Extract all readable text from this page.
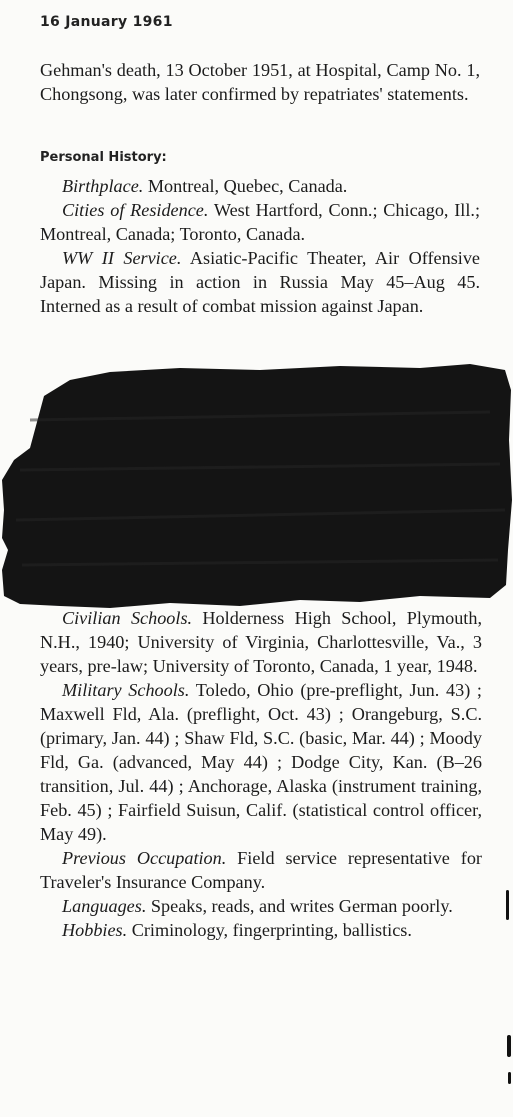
16 January 1961

Gehman's death, 13 October 1951, at Hospital, Camp No. 1, Chongsong, was later confirmed by repatriates' statements.

Personal History:

Birthplace. Montreal, Quebec, Canada.

Cities of Residence. West Hartford, Conn.; Chicago, Ill.; Montreal, Canada; Toronto, Canada.

WW II Service. Asiatic-Pacific Theater, Air Offensive Japan. Missing in action in Russia May 45–Aug 45. Interned as a result of combat mission against Japan.

Civilian Schools. Holderness High School, Plymouth, N.H., 1940; University of Virginia, Charlottesville, Va., 3 years, pre-law; University of Toronto, Canada, 1 year, 1948.

Military Schools. Toledo, Ohio (pre-preflight, Jun. 43) ; Maxwell Fld, Ala. (preflight, Oct. 43) ; Orangeburg, S.C. (primary, Jan. 44) ; Shaw Fld, S.C. (basic, Mar. 44) ; Moody Fld, Ga. (advanced, May 44) ; Dodge City, Kan. (B–26 transition, Jul. 44) ; Anchorage, Alaska (instrument training, Feb. 45) ; Fairfield Suisun, Calif. (statistical control officer, May 49).

Previous Occupation. Field service representative for Traveler's Insurance Company.

Languages. Speaks, reads, and writes German poorly.

Hobbies. Criminology, fingerprinting, ballistics.
